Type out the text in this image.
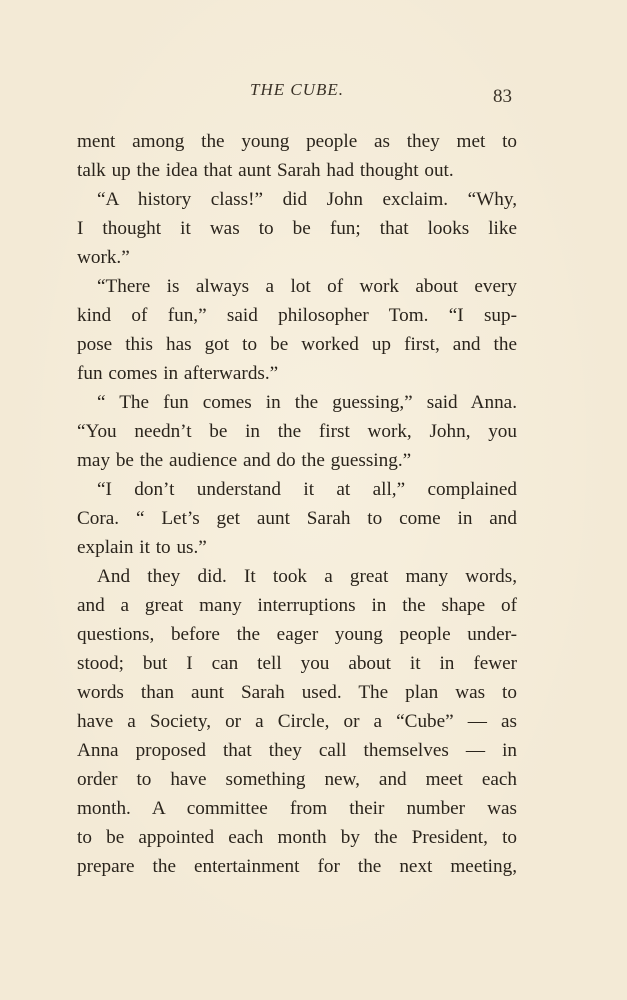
THE CUBE.	83
ment among the young people as they met to
talk up the idea that aunt Sarah had thought out.
“A history class!” did John exclaim. “Why,
I thought it was to be fun; that looks like
work.”
“There is always a lot of work about every
kind of fun,” said philosopher Tom. “I sup-
pose this has got to be worked up first, and the
fun comes in afterwards.”
“ The fun comes in the guessing,” said Anna.
“You needn’t be in the first work, John, you
may be the audience and do the guessing.”
“I don’t understand it at all,” complained
Cora. “ Let’s get aunt Sarah to come in and
explain it to us.”
And they did. It took a great many words,
and a great many interruptions in the shape of
questions, before the eager young people under-
stood; but I can tell you about it in fewer
words than aunt Sarah used. The plan was to
have a Society, or a Circle, or a “Cube” — as
Anna proposed that they call themselves — in
order to have something new, and meet each
month. A committee from their number was
to be appointed each month by the President, to
prepare the entertainment for the next meeting,
